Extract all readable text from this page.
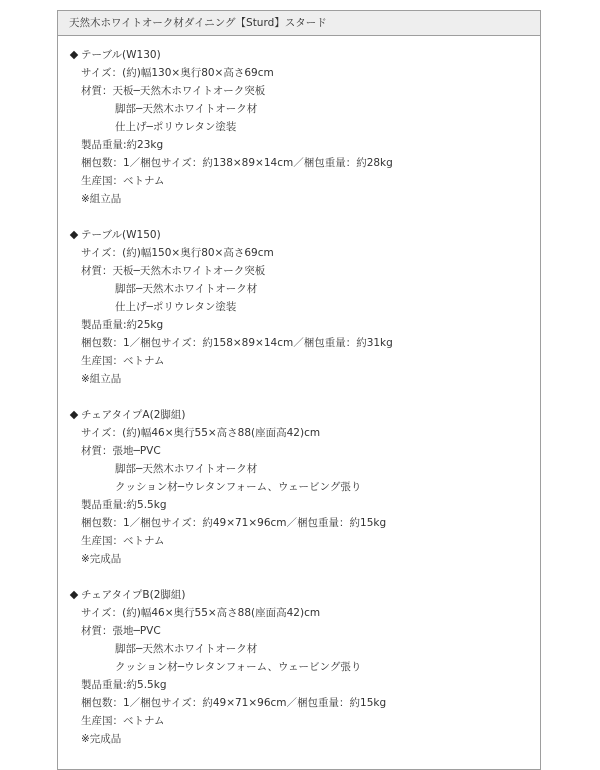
天然木ホワイトオーク材ダイニング【Sturd】スタード
テーブル(W130)
サイズ：(約)幅130×奥行80×高さ69cm
材質：天板─天然木ホワイトオーク突板
脚部─天然木ホワイトオーク材
仕上げ─ポリウレタン塗装
製品重量:約23kg
梱包数：1／梱包サイズ：約138×89×14cm／梱包重量：約28kg
生産国：ベトナム
※組立品
テーブル(W150)
サイズ：(約)幅150×奥行80×高さ69cm
材質：天板─天然木ホワイトオーク突板
脚部─天然木ホワイトオーク材
仕上げ─ポリウレタン塗装
製品重量:約25kg
梱包数：1／梱包サイズ：約158×89×14cm／梱包重量：約31kg
生産国：ベトナム
※組立品
チェアタイプA(2脚組)
サイズ：(約)幅46×奥行55×高さ88(座面高42)cm
材質：張地─PVC
脚部─天然木ホワイトオーク材
クッション材─ウレタンフォーム、ウェービング張り
製品重量:約5.5kg
梱包数：1／梱包サイズ：約49×71×96cm／梱包重量：約15kg
生産国：ベトナム
※完成品
チェアタイプB(2脚組)
サイズ：(約)幅46×奥行55×高さ88(座面高42)cm
材質：張地─PVC
脚部─天然木ホワイトオーク材
クッション材─ウレタンフォーム、ウェービング張り
製品重量:約5.5kg
梱包数：1／梱包サイズ：約49×71×96cm／梱包重量：約15kg
生産国：ベトナム
※完成品
